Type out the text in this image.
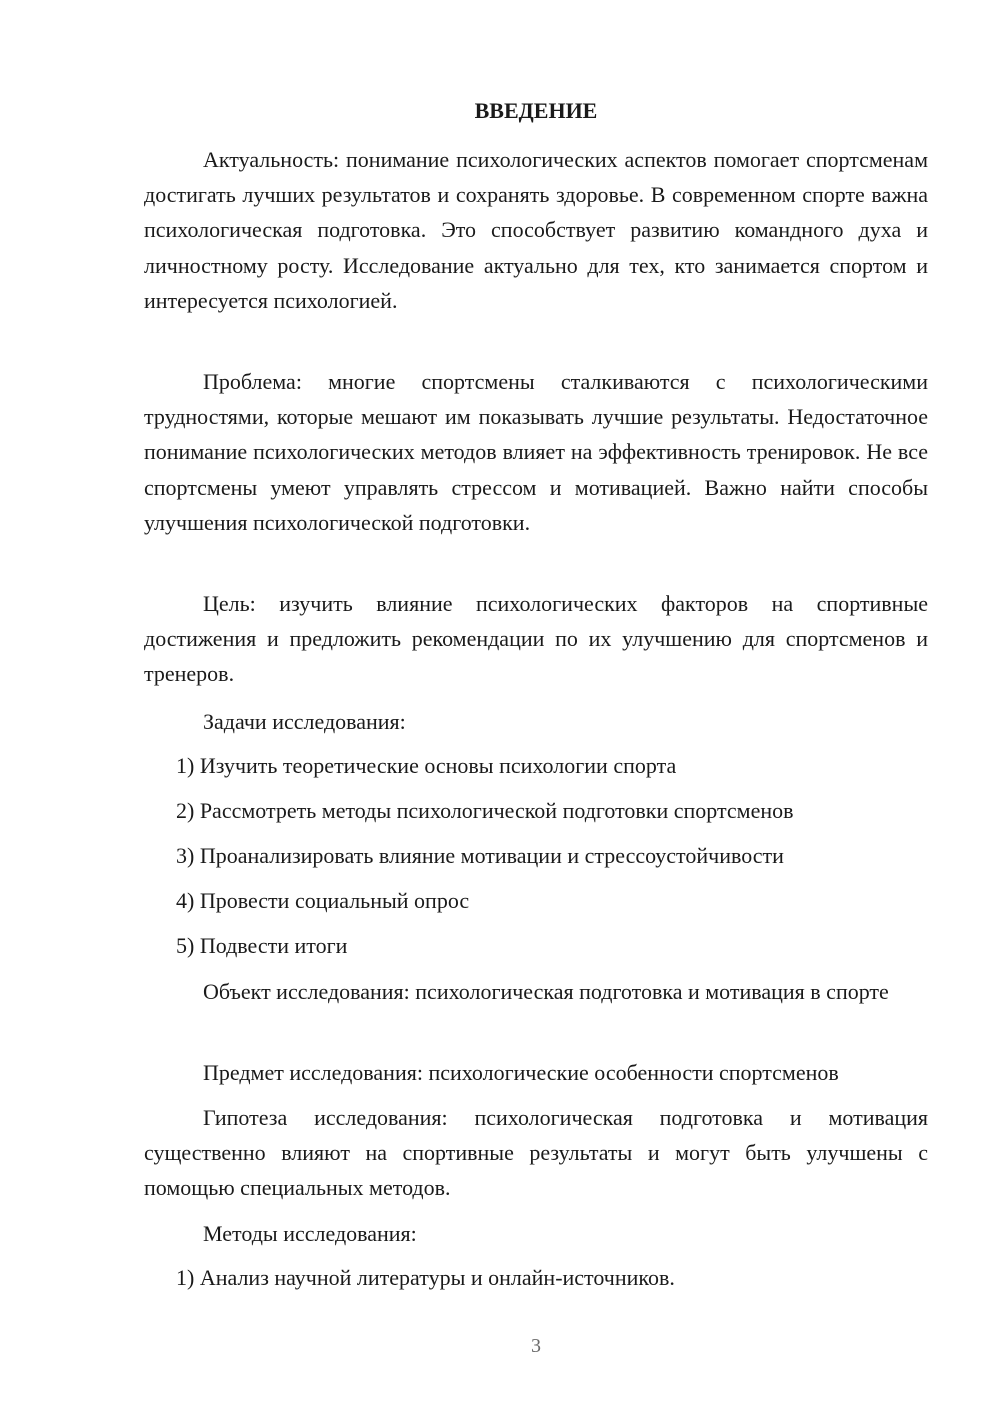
ВВЕДЕНИЕ

Актуальность: понимание психологических аспектов помогает спортсменам достигать лучших результатов и сохранять здоровье. В современном спорте важна психологическая подготовка. Это способствует развитию командного духа и личностному росту. Исследование актуально для тех, кто занимается спортом и интересуется психологией.

Проблема: многие спортсмены сталкиваются с психологическими трудностями, которые мешают им показывать лучшие результаты. Недостаточное понимание психологических методов влияет на эффективность тренировок. Не все спортсмены умеют управлять стрессом и мотивацией. Важно найти способы улучшения психологической подготовки.

Цель: изучить влияние психологических факторов на спортивные достижения и предложить рекомендации по их улучшению для спортсменов и тренеров.

Задачи исследования:

1) Изучить теоретические основы психологии спорта

2) Рассмотреть методы психологической подготовки спортсменов

3) Проанализировать влияние мотивации и стрессоустойчивости

4) Провести социальный опрос

5) Подвести итоги

Объект исследования: психологическая подготовка и мотивация в спорте

Предмет исследования: психологические особенности спортсменов

Гипотеза исследования: психологическая подготовка и мотивация существенно влияют на спортивные результаты и могут быть улучшены с помощью специальных методов.

Методы исследования:

1) Анализ научной литературы и онлайн-источников.

3
